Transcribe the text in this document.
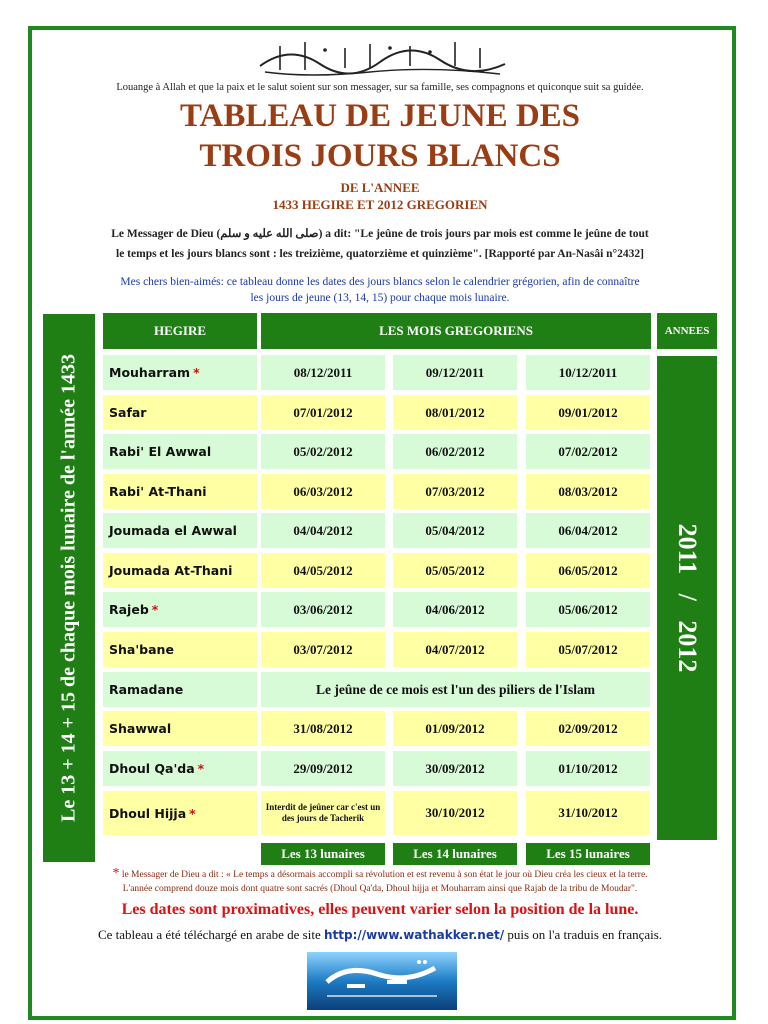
Louange à Allah et que la paix et le salut soient sur son messager, sur sa famille, ses compagnons et quiconque suit sa guidée.
TABLEAU DE JEUNE DES
TROIS JOURS BLANCS
DE L'ANNEE
1433 HEGIRE ET 2012 GREGORIEN
Le Messager de Dieu (صلى الله عليه و سلم) a dit: "Le jeûne de trois jours par mois est comme le jeûne de tout
le temps et les jours blancs sont : les treizième, quatorzième et quinzième". [Rapporté par An-Nasâi n°2432]
Mes chers bien-aimés: ce tableau donne les dates des jours blancs selon le calendrier grégorien, afin de connaître
les jours de jeune (13, 14, 15) pour chaque mois lunaire.
Le 13 + 14 + 15 de chaque mois lunaire de l'année 1433
HEGIRE	LES MOIS GREGORIENS	ANNEES
2011   /   2012
Mouharram *	08/12/2011	09/12/2011	10/12/2011
Safar	07/01/2012	08/01/2012	09/01/2012
Rabi' El Awwal	05/02/2012	06/02/2012	07/02/2012
Rabi' At-Thani	06/03/2012	07/03/2012	08/03/2012
Joumada el Awwal	04/04/2012	05/04/2012	06/04/2012
Joumada At-Thani	04/05/2012	05/05/2012	06/05/2012
Rajeb *	03/06/2012	04/06/2012	05/06/2012
Sha'bane	03/07/2012	04/07/2012	05/07/2012
Ramadane	Le jeûne de ce mois est l'un des piliers de l'Islam
Shawwal	31/08/2012	01/09/2012	02/09/2012
Dhoul Qa'da *	29/09/2012	30/09/2012	01/10/2012
Dhoul Hijja *	Interdit de jeûner car c'est un des jours de Tacherik	30/10/2012	31/10/2012
Les 13 lunaires	Les 14 lunaires	Les 15 lunaires
* le Messager de Dieu a dit : « Le temps a désormais accompli sa révolution et est revenu à son état le jour où Dieu créa les cieux et la terre.
L'année comprend douze mois dont quatre sont sacrés (Dhoul Qa'da, Dhoul hijja et Mouharram ainsi que Rajab de la tribu de Moudar".
Les dates sont proximatives, elles peuvent varier selon la position de la lune.
Ce tableau a été téléchargé en arabe de site http://www.wathakker.net/ puis on l'a traduis en français.
